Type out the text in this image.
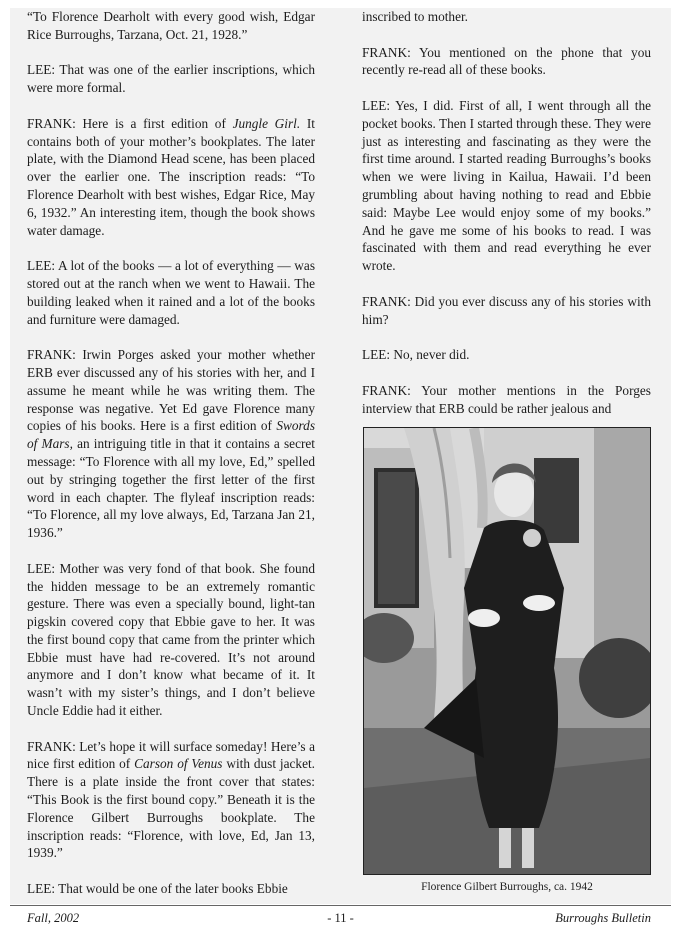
“To Florence Dearholt with every good wish, Edgar Rice Burroughs, Tarzana, Oct. 21, 1928.”

LEE: That was one of the earlier inscriptions, which were more formal.

FRANK: Here is a first edition of Jungle Girl. It contains both of your mother’s bookplates. The later plate, with the Diamond Head scene, has been placed over the earlier one. The inscription reads: “To Florence Dearholt with best wishes, Edgar Rice, May 6, 1932.” An interesting item, though the book shows water damage.

LEE: A lot of the books — a lot of everything — was stored out at the ranch when we went to Hawaii. The building leaked when it rained and a lot of the books and furniture were damaged.

FRANK: Irwin Porges asked your mother whether ERB ever discussed any of his stories with her, and I assume he meant while he was writing them. The response was negative. Yet Ed gave Florence many copies of his books. Here is a first edition of Swords of Mars, an intriguing title in that it contains a secret message: “To Florence with all my love, Ed,” spelled out by stringing together the first letter of the first word in each chapter. The flyleaf inscription reads: “To Florence, all my love always, Ed, Tarzana Jan 21, 1936.”

LEE: Mother was very fond of that book. She found the hidden message to be an extremely romantic gesture. There was even a specially bound, light-tan pigskin covered copy that Ebbie gave to her. It was the first bound copy that came from the printer which Ebbie must have had re-covered. It’s not around anymore and I don’t know what became of it. It wasn’t with my sister’s things, and I don’t believe Uncle Eddie had it either.

FRANK: Let’s hope it will surface someday! Here’s a nice first edition of Carson of Venus with dust jacket. There is a plate inside the front cover that states: “This Book is the first bound copy.” Beneath it is the Florence Gilbert Burroughs bookplate. The inscription reads: “Florence, with love, Ed, Jan 13, 1939.”

LEE: That would be one of the later books Ebbie

inscribed to mother.

FRANK: You mentioned on the phone that you recently re-read all of these books.

LEE: Yes, I did. First of all, I went through all the pocket books. Then I started through these. They were just as interesting and fascinating as they were the first time around. I started reading Burroughs’s books when we were living in Kailua, Hawaii. I’d been grumbling about having nothing to read and Ebbie said: Maybe Lee would enjoy some of my books.” And he gave me some of his books to read. I was fascinated with them and read everything he ever wrote.

FRANK: Did you ever discuss any of his stories with him?

LEE: No, never did.

FRANK: Your mother mentions in the Porges interview that ERB could be rather jealous and

Florence Gilbert Burroughs, ca. 1942
Fall, 2002	- 11 -	Burroughs Bulletin
